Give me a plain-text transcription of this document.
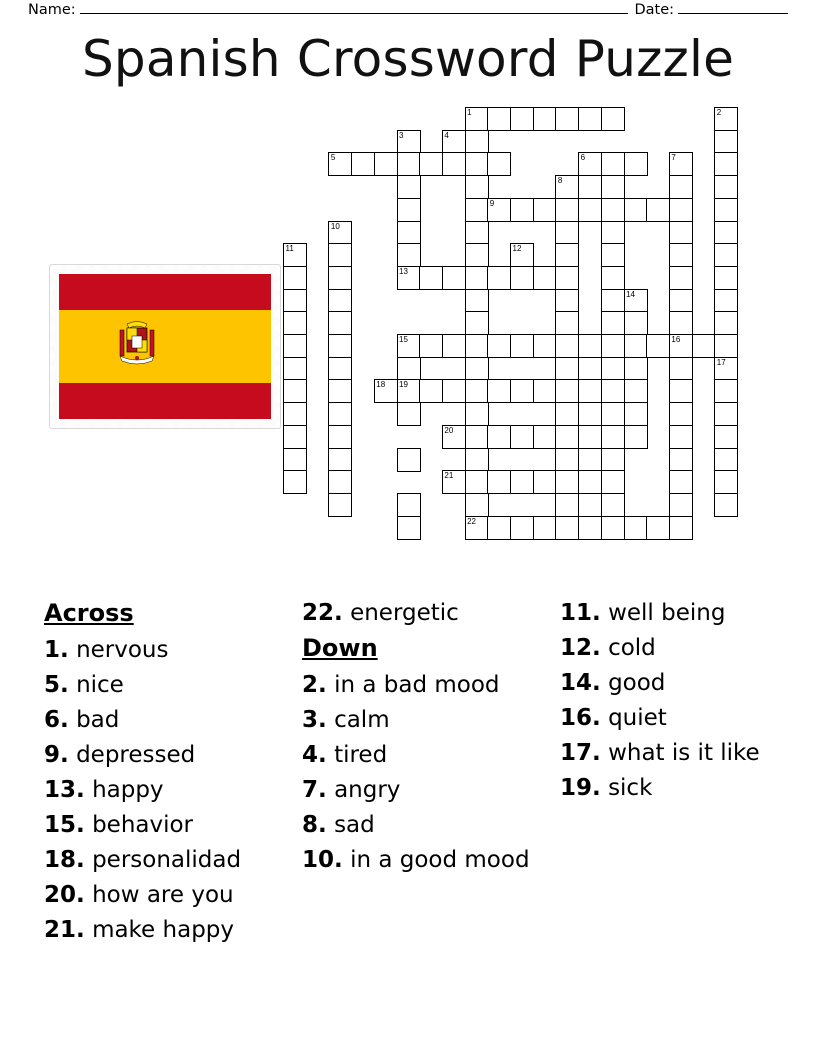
Name:	Date:
Spanish Crossword Puzzle
1	2
3	4
5	6	7
8
9
10
11	12
13
14
15	16
17
18 19
20
21
22
Across
1. nervous
5. nice
6. bad
9. depressed
13. happy
15. behavior
18. personalidad
20. how are you
21. make happy
22. energetic
Down
2. in a bad mood
3. calm
4. tired
7. angry
8. sad
10. in a good mood
11. well being
12. cold
14. good
16. quiet
17. what is it like
19. sick
